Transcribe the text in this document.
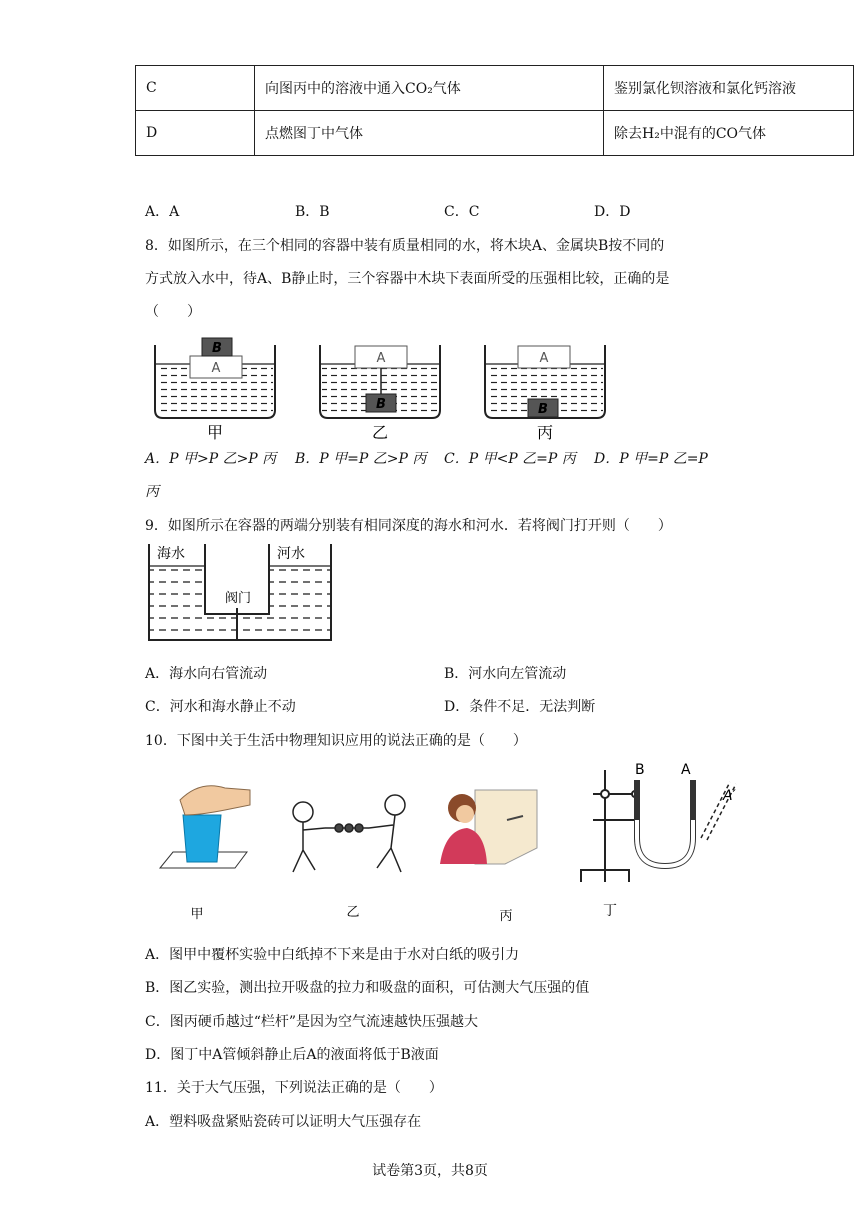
C	向图丙中的溶液中通入CO₂气体	鉴别氯化钡溶液和氯化钙溶液
D	点燃图丁中气体	除去H₂中混有的CO气体
A．A	B．B	C．C	D．D
8．如图所示，在三个相同的容器中装有质量相同的水，将木块A、金属块B按不同的
方式放入水中，待A、B静止时，三个容器中木块下表面所受的压强相比较，正确的是
（　　）
A
B
甲
A
B
乙
A
B
丙
A．P 甲>P 乙>P 丙 B．P 甲=P 乙>P 丙 C．P 甲<P 乙=P 丙 D．P 甲=P 乙=P
丙
9．如图所示在容器的两端分别装有相同深度的海水和河水．若将阀门打开则（　　）
海水	河水
阀门
A．海水向右管流动	B．河水向左管流动
C．河水和海水静止不动	D．条件不足．无法判断
10．下图中关于生活中物理知识应用的说法正确的是（　　）
甲	乙	丙
B	A
A′
丁
A．图甲中覆杯实验中白纸掉不下来是由于水对白纸的吸引力
B．图乙实验，测出拉开吸盘的拉力和吸盘的面积，可估测大气压强的值
C．图丙硬币越过“栏杆”是因为空气流速越快压强越大
D．图丁中A管倾斜静止后A的液面将低于B液面
11．关于大气压强，下列说法正确的是（　　）
A．塑料吸盘紧贴瓷砖可以证明大气压强存在
试卷第3页，共8页
